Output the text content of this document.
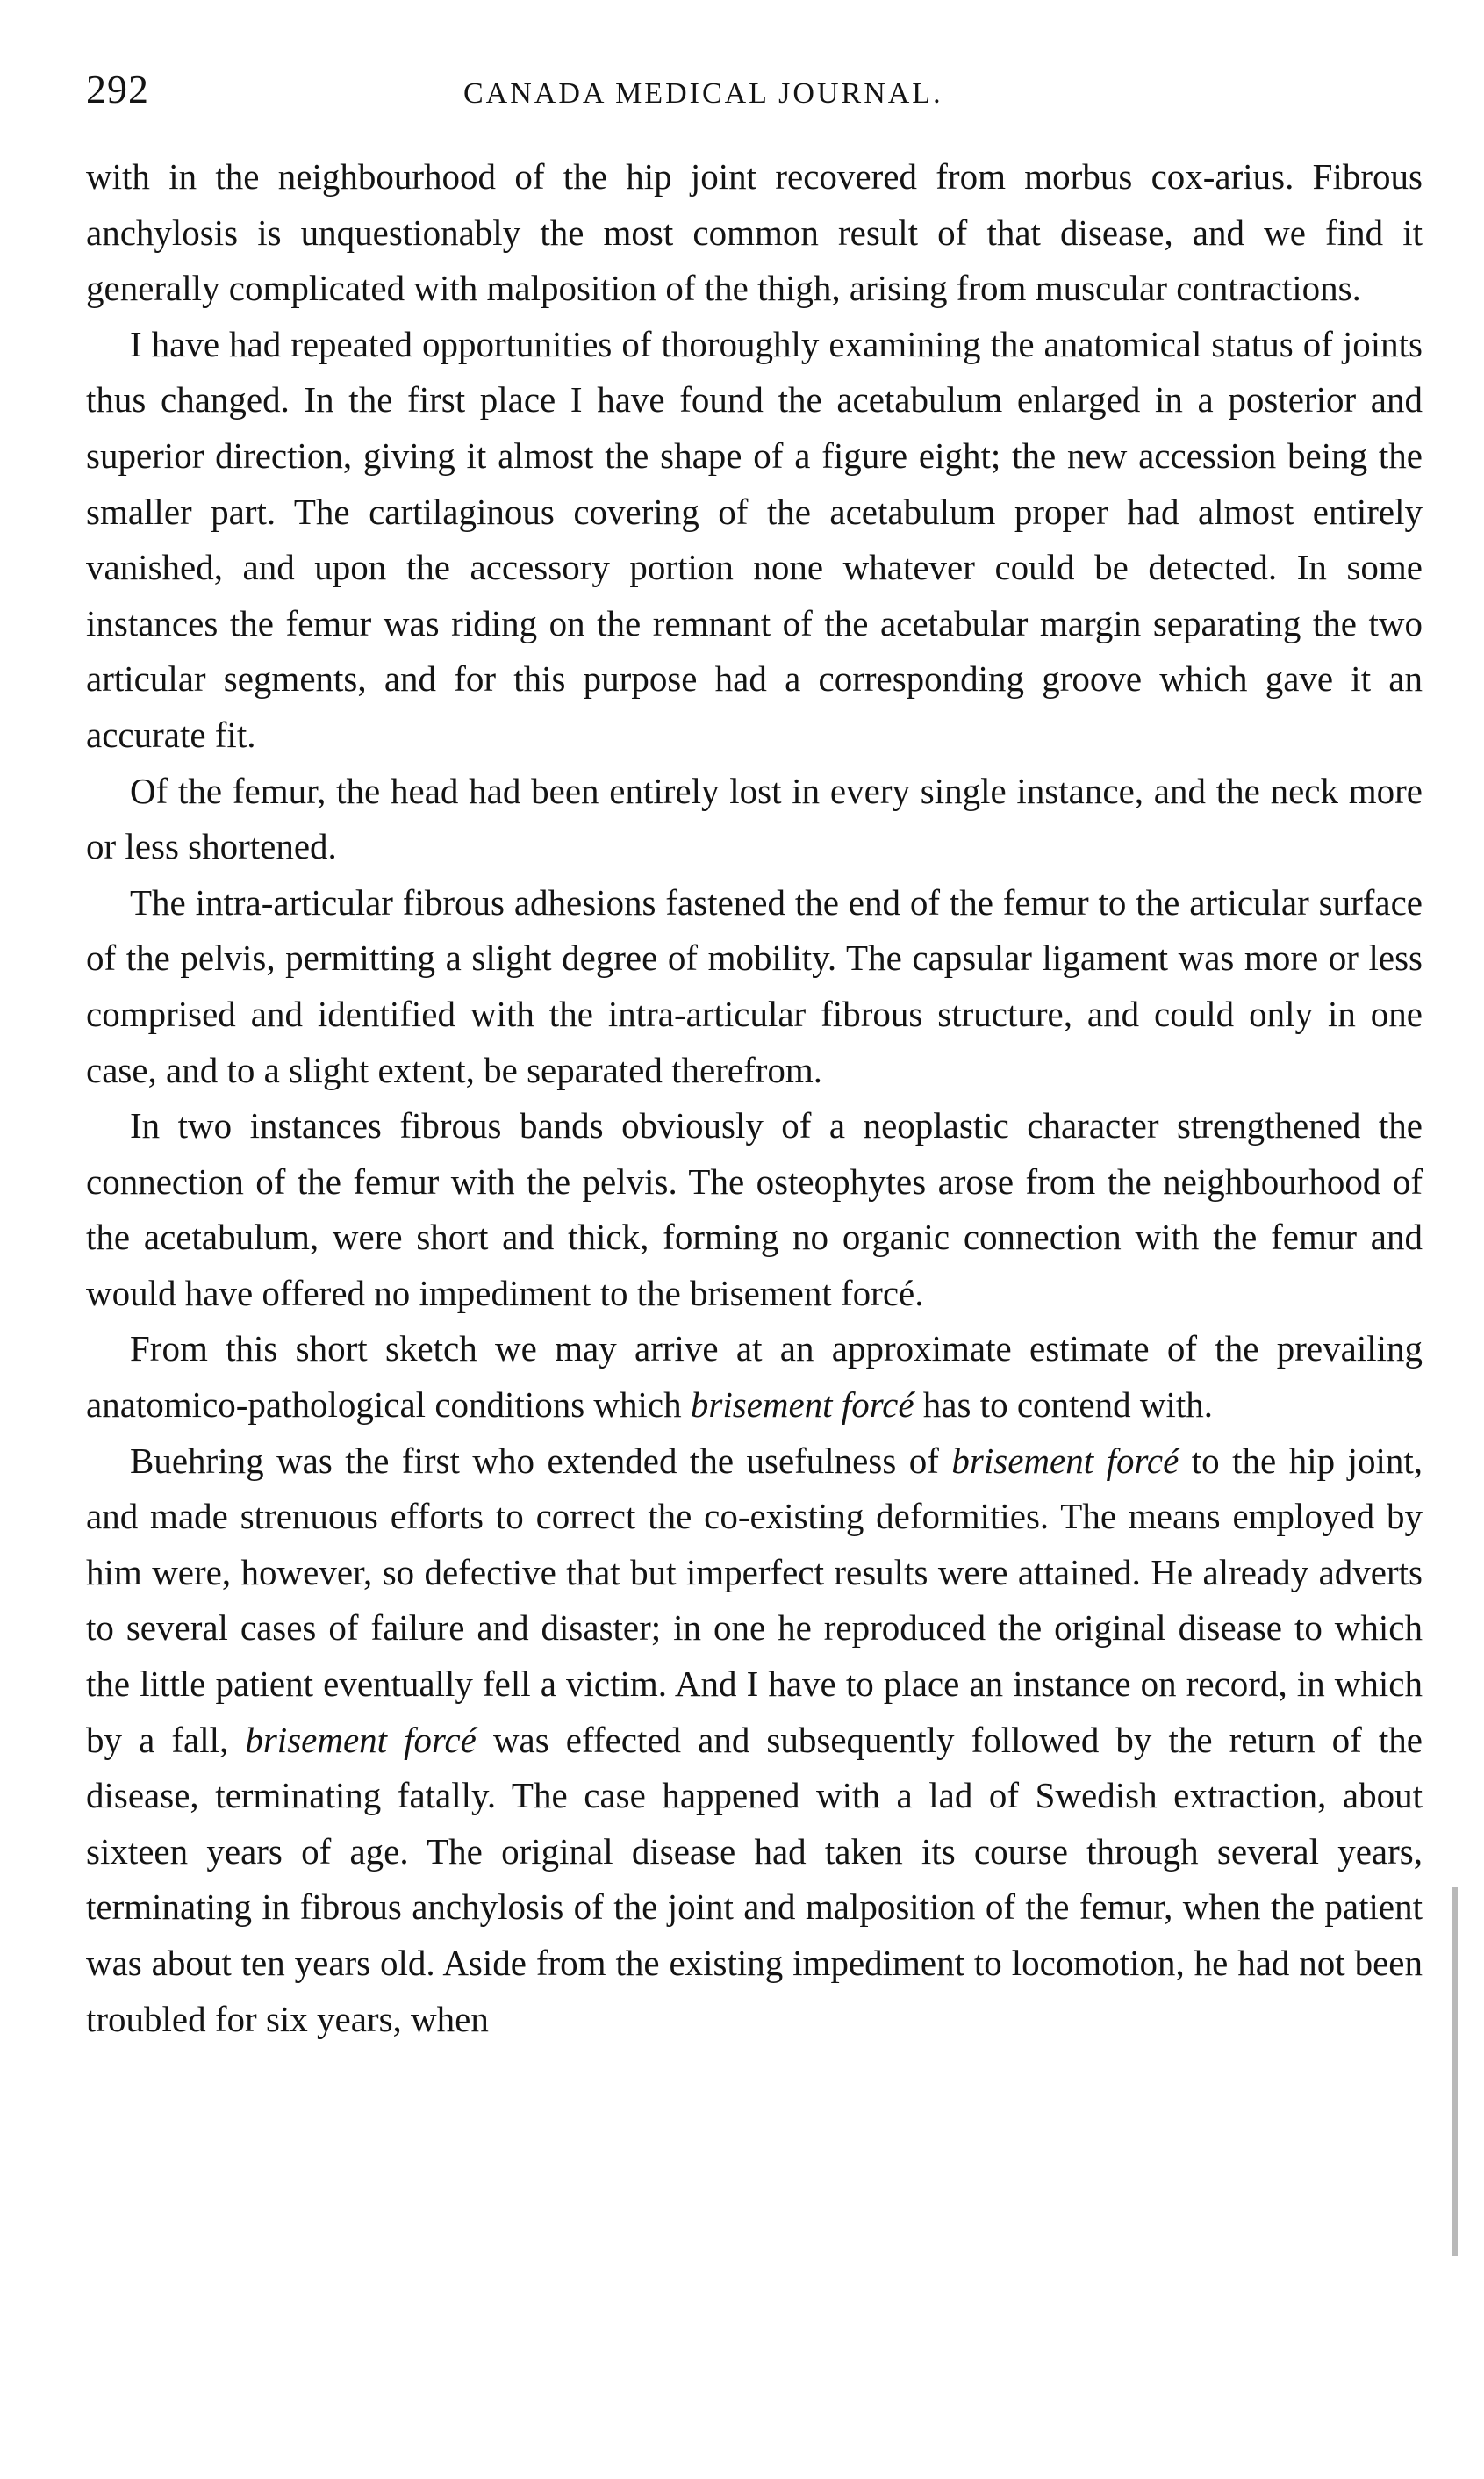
292	CANADA MEDICAL JOURNAL.

with in the neighbourhood of the hip joint recovered from morbus cox-arius. Fibrous anchylosis is unquestionably the most common result of that disease, and we find it generally complicated with malposition of the thigh, arising from muscular contractions.

I have had repeated opportunities of thoroughly examining the anatomical status of joints thus changed. In the first place I have found the acetabulum enlarged in a posterior and superior direction, giving it almost the shape of a figure eight; the new accession being the smaller part. The cartilaginous covering of the acetabulum proper had almost entirely vanished, and upon the accessory portion none whatever could be detected. In some instances the femur was riding on the remnant of the acetabular margin separating the two articular segments, and for this purpose had a corresponding groove which gave it an accurate fit.

Of the femur, the head had been entirely lost in every single instance, and the neck more or less shortened.

The intra-articular fibrous adhesions fastened the end of the femur to the articular surface of the pelvis, permitting a slight degree of mobility. The capsular ligament was more or less comprised and identified with the intra-articular fibrous structure, and could only in one case, and to a slight extent, be separated therefrom.

In two instances fibrous bands obviously of a neoplastic character strengthened the connection of the femur with the pelvis. The osteophytes arose from the neighbourhood of the acetabulum, were short and thick, forming no organic connection with the femur and would have offered no impediment to the brisement forcé.

From this short sketch we may arrive at an approximate estimate of the prevailing anatomico-pathological conditions which brisement forcé has to contend with.

Buehring was the first who extended the usefulness of brisement forcé to the hip joint, and made strenuous efforts to correct the co-existing deformities. The means employed by him were, however, so defective that but imperfect results were attained. He already adverts to several cases of failure and disaster; in one he reproduced the original disease to which the little patient eventually fell a victim. And I have to place an instance on record, in which by a fall, brisement forcé was effected and subsequently followed by the return of the disease, terminating fatally. The case happened with a lad of Swedish extraction, about sixteen years of age. The original disease had taken its course through several years, terminating in fibrous anchylosis of the joint and malposition of the femur, when the patient was about ten years old. Aside from the existing impediment to locomotion, he had not been troubled for six years, when
